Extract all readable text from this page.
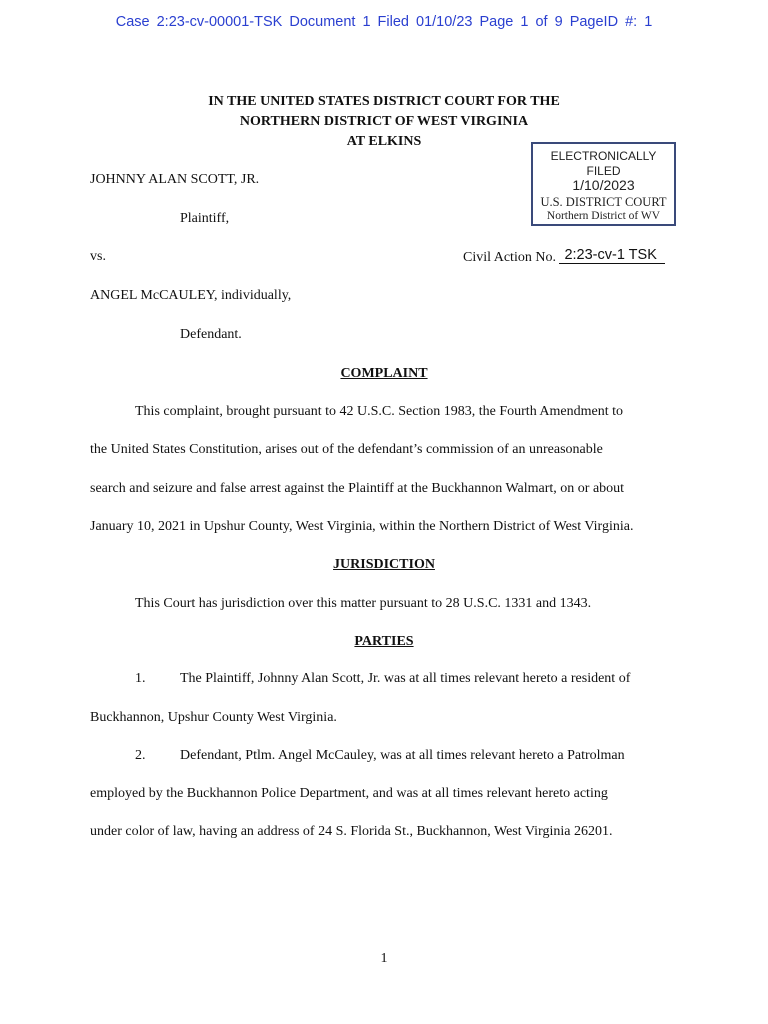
Case 2:23-cv-00001-TSK Document 1 Filed 01/10/23 Page 1 of 9 PageID #: 1
IN THE UNITED STATES DISTRICT COURT FOR THE
NORTHERN DISTRICT OF WEST VIRGINIA
AT ELKINS
ELECTRONICALLY
FILED
1/10/2023
U.S. DISTRICT COURT
Northern District of WV
JOHNNY ALAN SCOTT, JR.
Plaintiff,
vs.	Civil Action No. 2:23-cv-1 TSK
ANGEL McCAULEY, individually,
Defendant.
COMPLAINT
This complaint, brought pursuant to 42 U.S.C. Section 1983, the Fourth Amendment to
the United States Constitution, arises out of the defendant’s commission of an unreasonable
search and seizure and false arrest against the Plaintiff at the Buckhannon Walmart, on or about
January 10, 2021 in Upshur County, West Virginia, within the Northern District of West Virginia.
JURISDICTION
This Court has jurisdiction over this matter pursuant to 28 U.S.C. 1331 and 1343.
PARTIES
1. The Plaintiff, Johnny Alan Scott, Jr. was at all times relevant hereto a resident of
Buckhannon, Upshur County West Virginia.
2. Defendant, Ptlm. Angel McCauley, was at all times relevant hereto a Patrolman
employed by the Buckhannon Police Department, and was at all times relevant hereto acting
under color of law, having an address of 24 S. Florida St., Buckhannon, West Virginia 26201.
1
